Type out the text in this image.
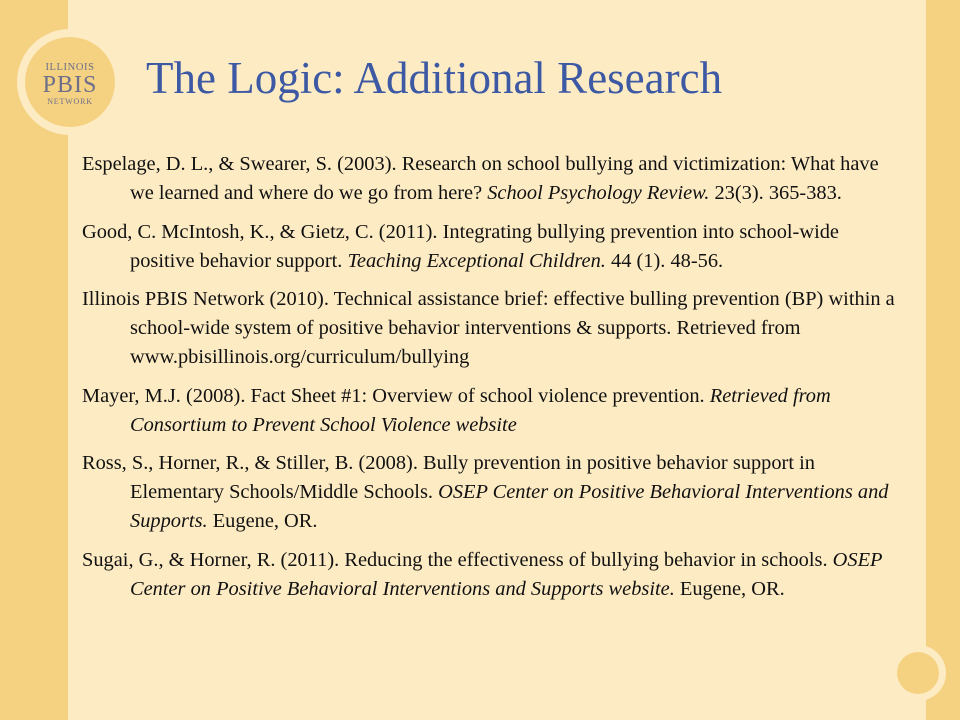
ILLINOIS
PBIS
NETWORK	The Logic: Additional Research

Espelage, D. L., & Swearer, S. (2003). Research on school bullying and victimization: What have we learned and where do we go from here? School Psychology Review. 23(3). 365-383.

Good, C. McIntosh, K., & Gietz, C. (2011). Integrating bullying prevention into school-wide positive behavior support. Teaching Exceptional Children. 44 (1). 48-56.

Illinois PBIS Network (2010). Technical assistance brief: effective bulling prevention (BP) within a school-wide system of positive behavior interventions & supports. Retrieved from www.pbisillinois.org/curriculum/bullying

Mayer, M.J. (2008). Fact Sheet #1: Overview of school violence prevention. Retrieved from Consortium to Prevent School Violence website

Ross, S., Horner, R., & Stiller, B. (2008). Bully prevention in positive behavior support in Elementary Schools/Middle Schools. OSEP Center on Positive Behavioral Interventions and Supports. Eugene, OR.

Sugai, G., & Horner, R. (2011). Reducing the effectiveness of bullying behavior in schools. OSEP Center on Positive Behavioral Interventions and Supports website. Eugene, OR.
